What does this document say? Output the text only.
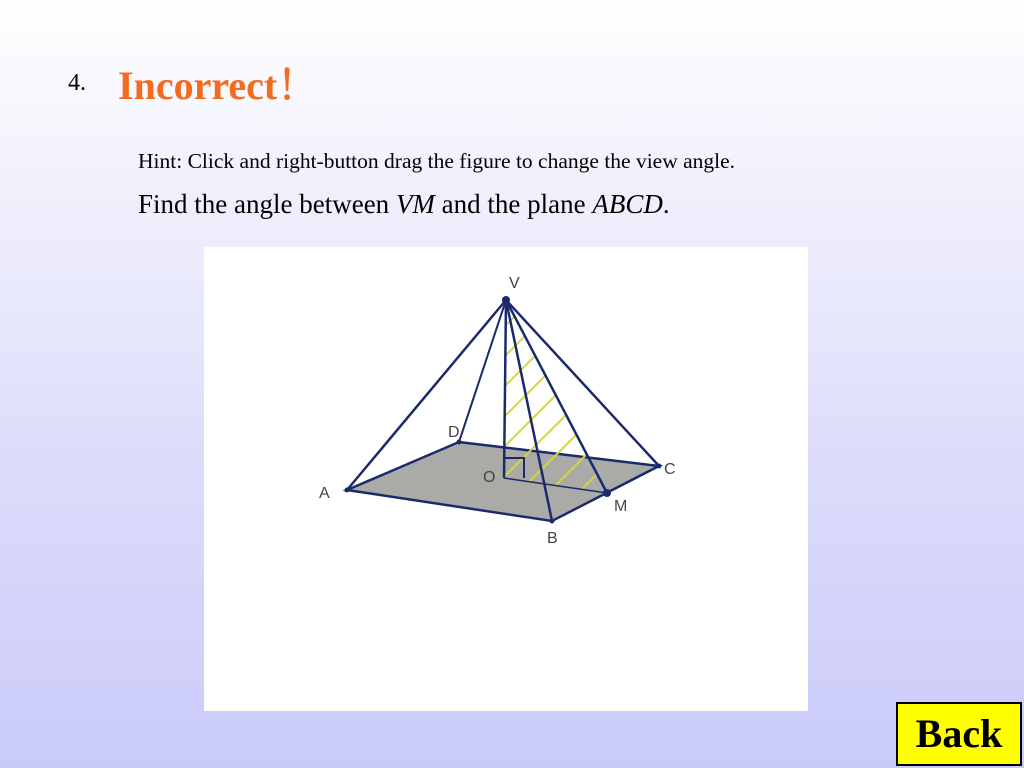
4. Incorrect！
Hint: Click and right-button drag the figure to change the view angle.
Find the angle between VM and the plane ABCD.
V
A
B
C
D
O
M
Back
